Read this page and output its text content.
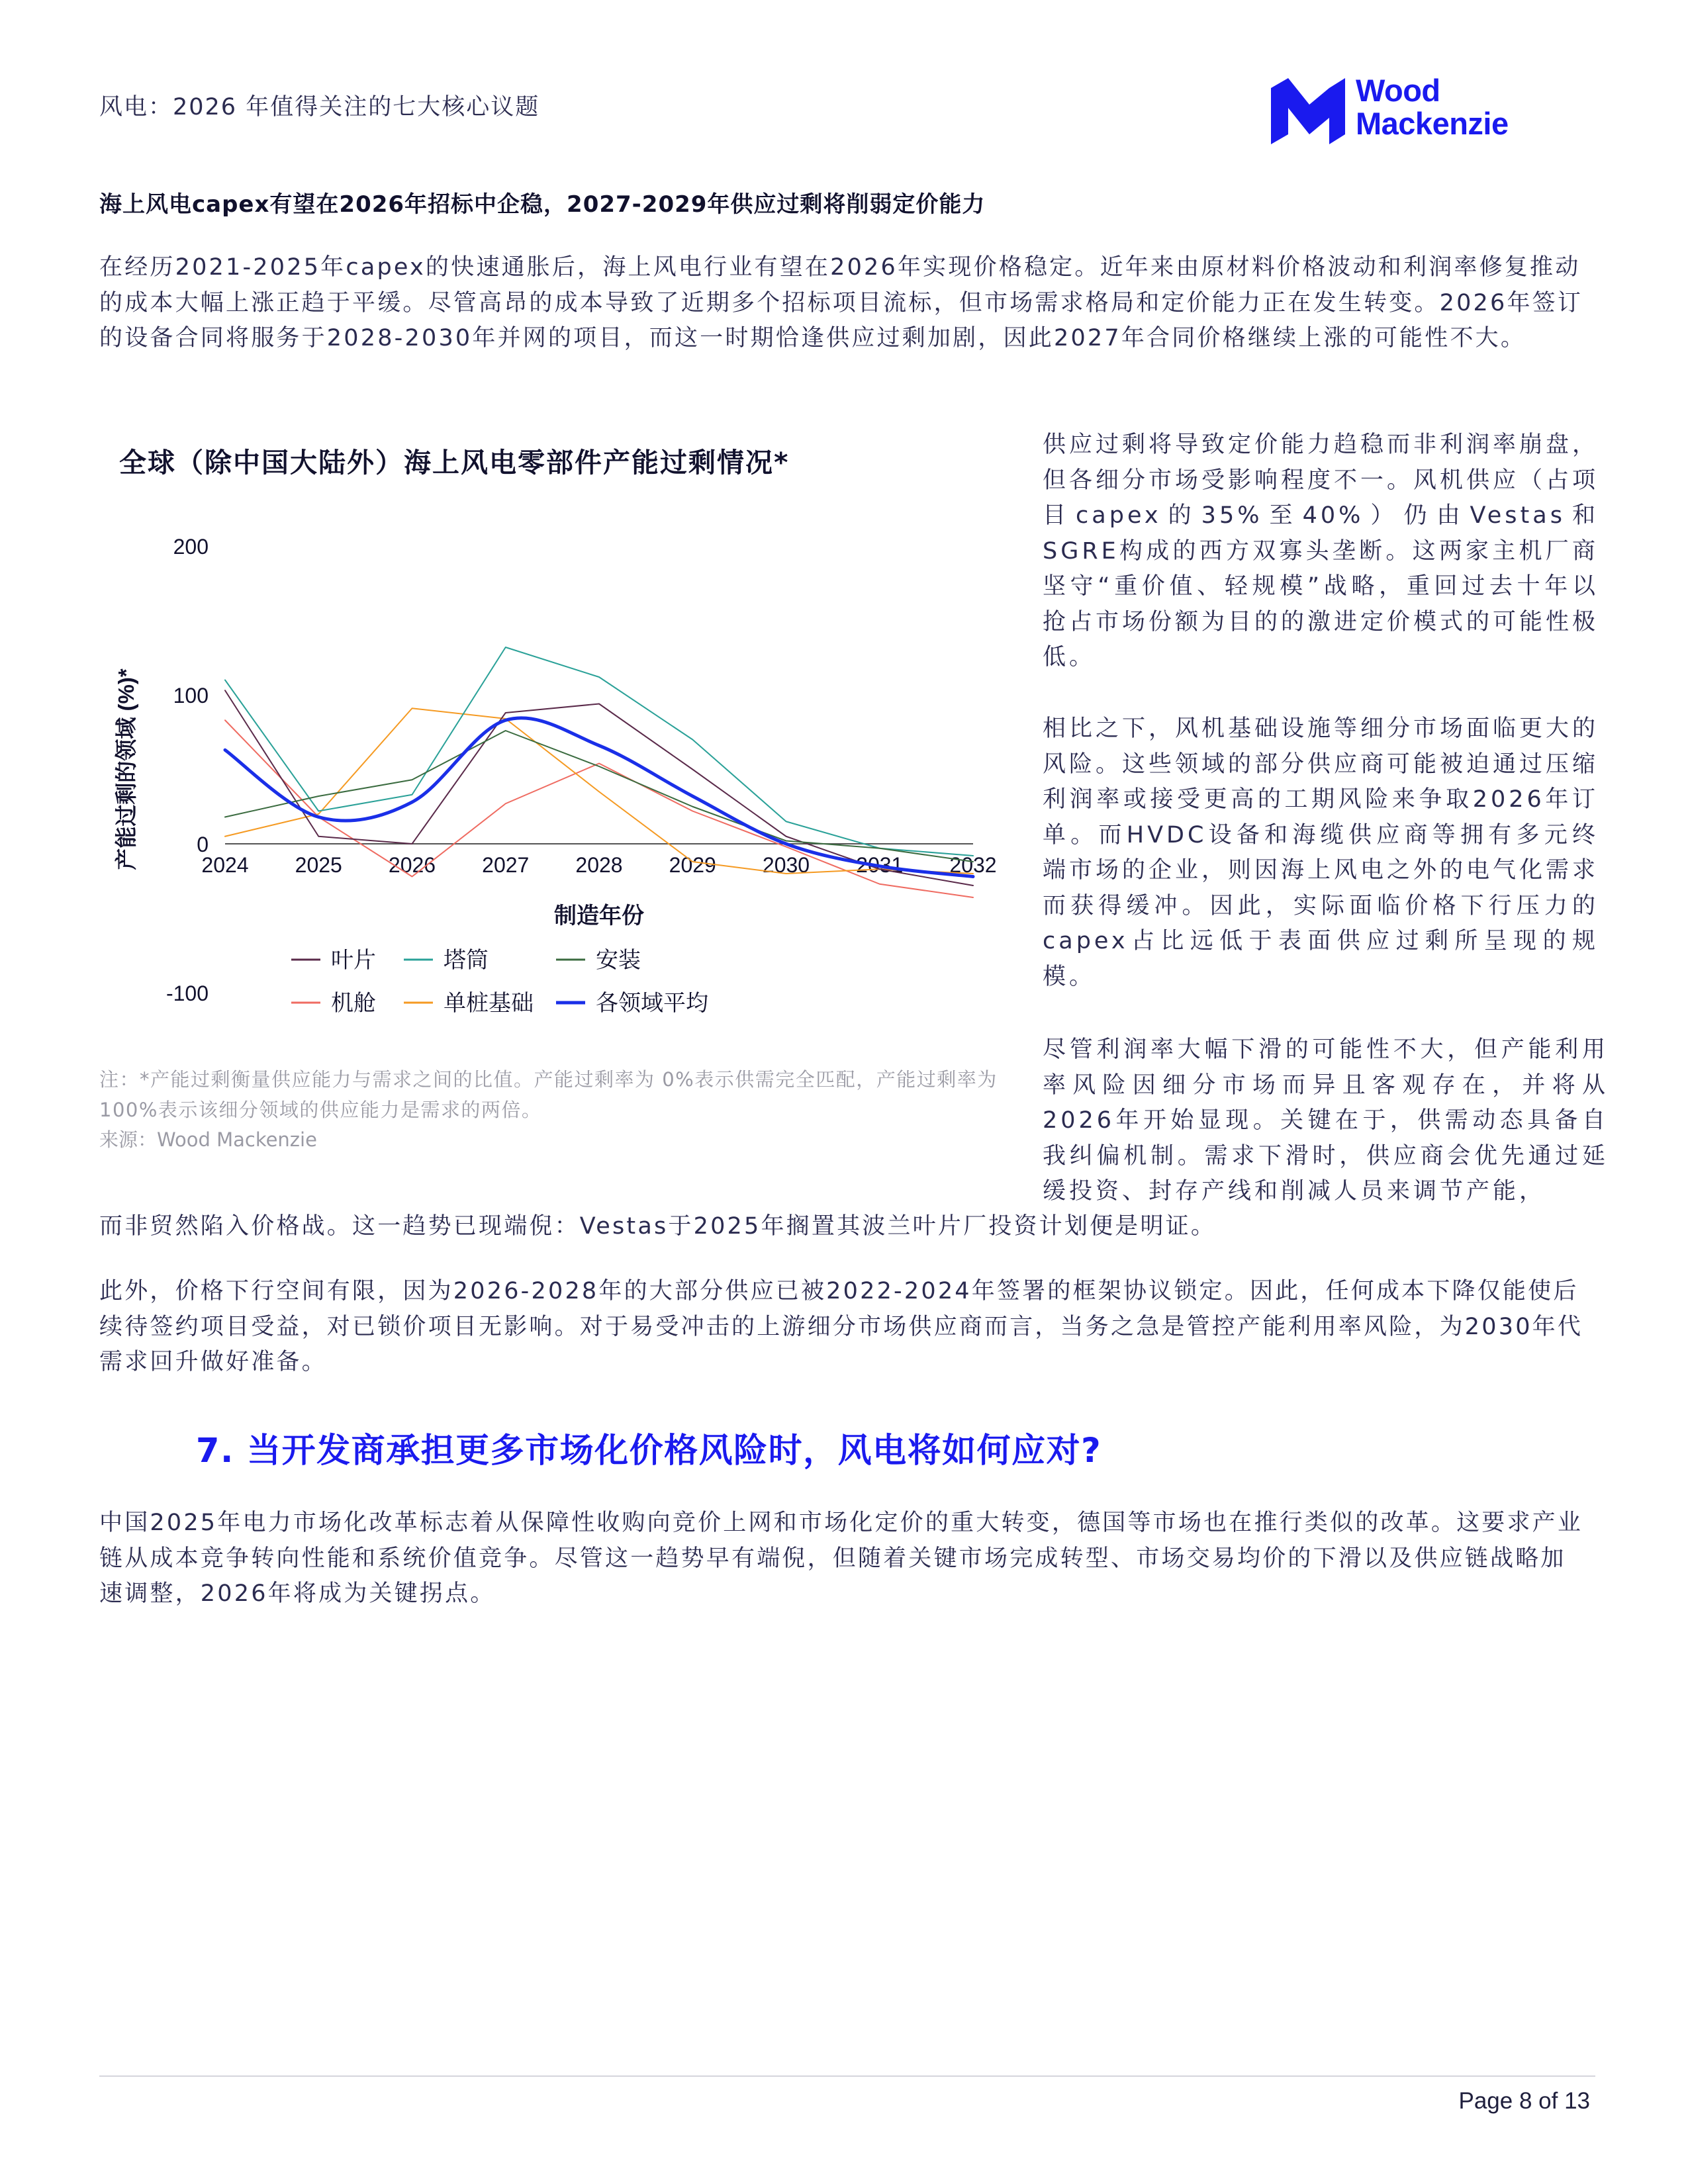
风电：2026 年值得关注的七大核心议题	Wood
Mackenzie
海上风电capex有望在2026年招标中企稳，2027-2029年供应过剩将削弱定价能力
在经历2021-2025年capex的快速通胀后，海上风电行业有望在2026年实现价格稳定。近年来由原材料价格波动和利润率修复推动的成本大幅上涨正趋于平缓。尽管高昂的成本导致了近期多个招标项目流标，但市场需求格局和定价能力正在发生转变。2026年签订的设备合同将服务于2028-2030年并网的项目，而这一时期恰逢供应过剩加剧，因此2027年合同价格继续上涨的可能性不大。
全球（除中国大陆外）海上风电零部件产能过剩情况*
-100
0
100
200
2024 2025 2026 2027 2028 2029 2030 2031 2032
产能过剩的领域 (%)*
制造年份
叶片	塔筒	安装
机舱	单桩基础	各领域平均
注：*产能过剩衡量供应能力与需求之间的比值。产能过剩率为 0%表示供需完全匹配，产能过剩率为 100%表示该细分领域的供应能力是需求的两倍。
来源：Wood Mackenzie
供应过剩将导致定价能力趋稳而非利润率崩盘，但各细分市场受影响程度不一。风机供应（占项目capex的35%至40%）仍由Vestas和SGRE构成的西方双寡头垄断。这两家主机厂商坚守“重价值、轻规模”战略，重回过去十年以抢占市场份额为目的的激进定价模式的可能性极低。
相比之下，风机基础设施等细分市场面临更大的风险。这些领域的部分供应商可能被迫通过压缩利润率或接受更高的工期风险来争取2026年订单。而HVDC设备和海缆供应商等拥有多元终端市场的企业，则因海上风电之外的电气化需求而获得缓冲。因此，实际面临价格下行压力的capex占比远低于表面供应过剩所呈现的规模。
尽管利润率大幅下滑的可能性不大，但产能利用率风险因细分市场而异且客观存在，并将从2026年开始显现。关键在于，供需动态具备自我纠偏机制。需求下滑时，供应商会优先通过延缓投资、封存产线和削减人员来调节产能，
而非贸然陷入价格战。这一趋势已现端倪：Vestas于2025年搁置其波兰叶片厂投资计划便是明证。
此外，价格下行空间有限，因为2026-2028年的大部分供应已被2022-2024年签署的框架协议锁定。因此，任何成本下降仅能使后续待签约项目受益，对已锁价项目无影响。对于易受冲击的上游细分市场供应商而言，当务之急是管控产能利用率风险，为2030年代需求回升做好准备。
7. 当开发商承担更多市场化价格风险时，风电将如何应对?
中国2025年电力市场化改革标志着从保障性收购向竞价上网和市场化定价的重大转变，德国等市场也在推行类似的改革。这要求产业链从成本竞争转向性能和系统价值竞争。尽管这一趋势早有端倪，但随着关键市场完成转型、市场交易均价的下滑以及供应链战略加速调整，2026年将成为关键拐点。
Page 8 of 13
